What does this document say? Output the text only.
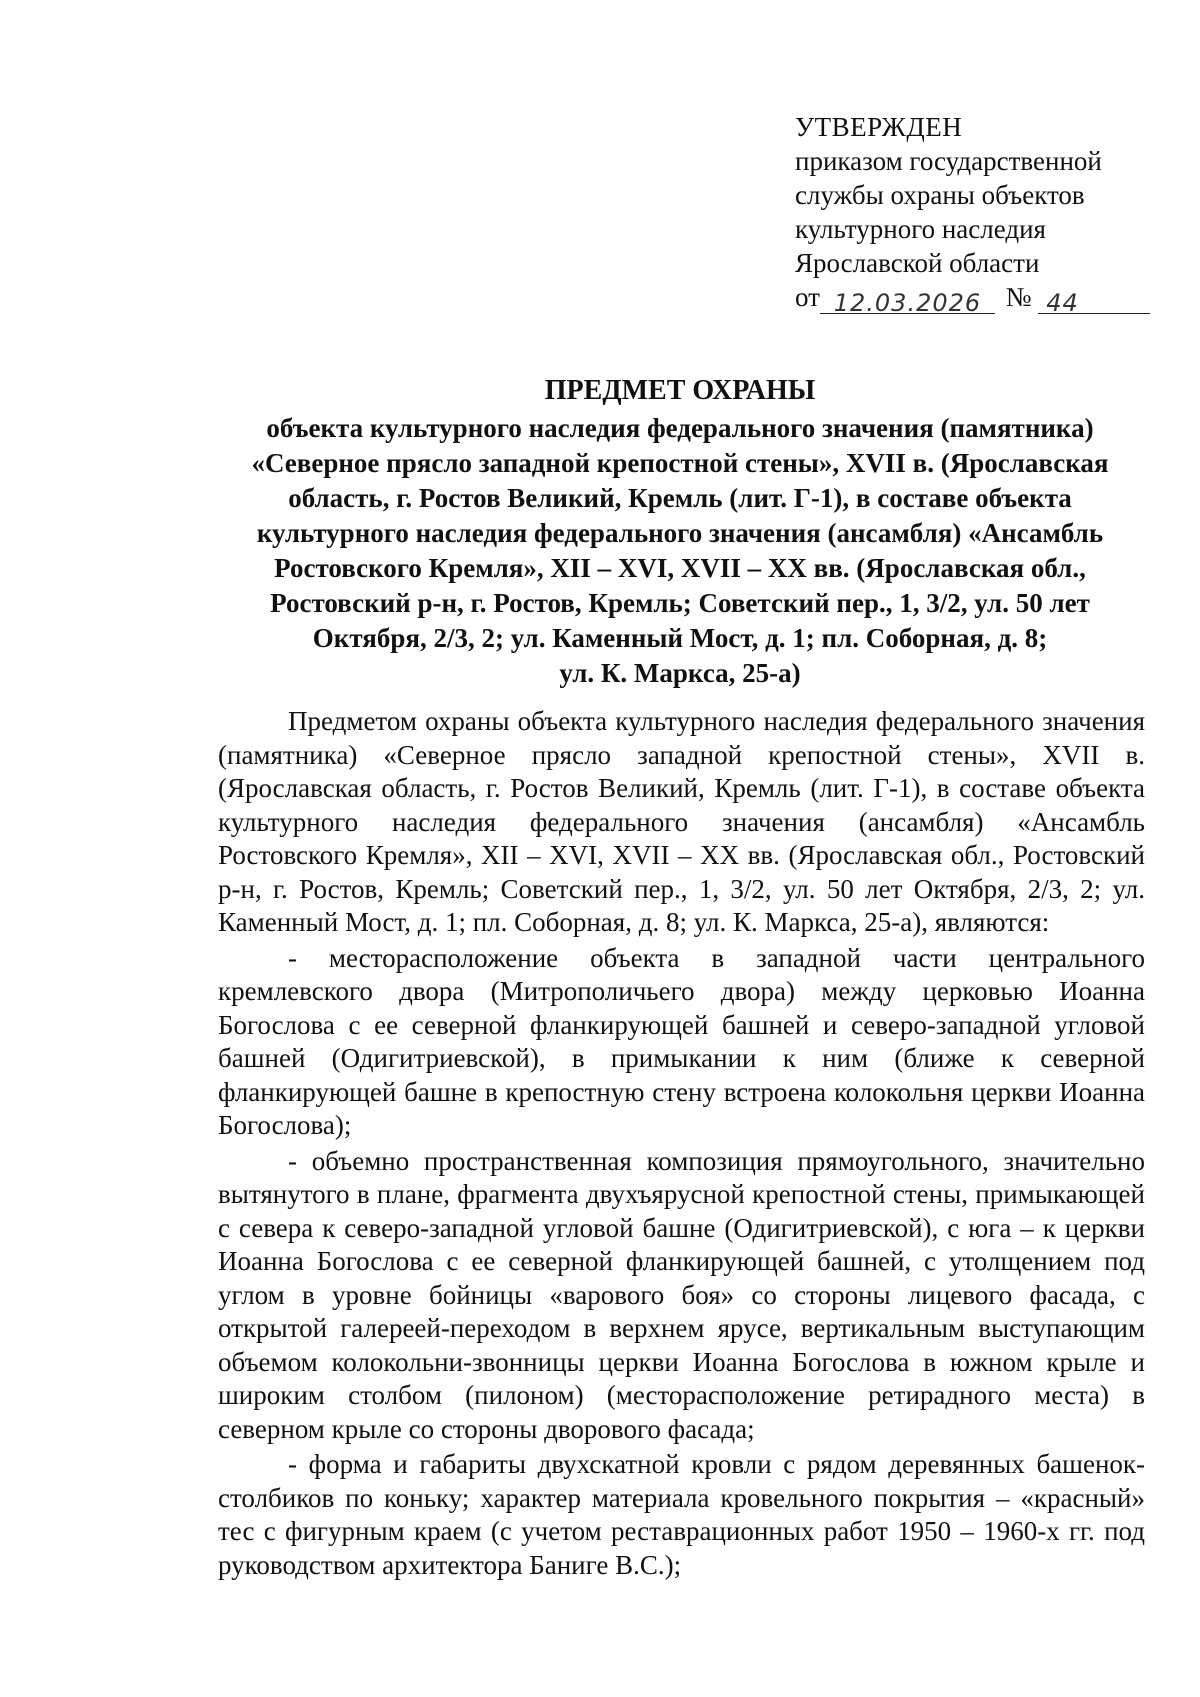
УТВЕРЖДЕН
приказом государственной
службы охраны объектов
культурного наследия
Ярославской области
от 12.03.2026 № 44
ПРЕДМЕТ ОХРАНЫ
объекта культурного наследия федерального значения (памятника)
«Северное прясло западной крепостной стены», XVII в. (Ярославская
область, г. Ростов Великий, Кремль (лит. Г-1), в составе объекта
культурного наследия федерального значения (ансамбля) «Ансамбль
Ростовского Кремля», XII – XVI, XVII – XX вв. (Ярославская обл.,
Ростовский р-н, г. Ростов, Кремль; Советский пер., 1, 3/2, ул. 50 лет
Октября, 2/3, 2; ул. Каменный Мост, д. 1; пл. Соборная, д. 8;
ул. К. Маркса, 25-а)

Предметом охраны объекта культурного наследия федерального значения (памятника) «Северное прясло западной крепостной стены», XVII в. (Ярославская область, г. Ростов Великий, Кремль (лит. Г-1), в составе объекта культурного наследия федерального значения (ансамбля) «Ансамбль Ростовского Кремля», XII – XVI, XVII – XX вв. (Ярославская обл., Ростовский р-н, г. Ростов, Кремль; Советский пер., 1, 3/2, ул. 50 лет Октября, 2/3, 2; ул. Каменный Мост, д. 1; пл. Соборная, д. 8; ул. К. Маркса, 25-а), являются:

- месторасположение объекта в западной части центрального кремлевского двора (Митрополичьего двора) между церковью Иоанна Богослова с ее северной фланкирующей башней и северо-западной угловой башней (Одигитриевской), в примыкании к ним (ближе к северной фланкирующей башне в крепостную стену встроена колокольня церкви Иоанна Богослова);

- объемно пространственная композиция прямоугольного, значительно вытянутого в плане, фрагмента двухъярусной крепостной стены, примыкающей с севера к северо-западной угловой башне (Одигитриевской), с юга – к церкви Иоанна Богослова с ее северной фланкирующей башней, с утолщением под углом в уровне бойницы «варового боя» со стороны лицевого фасада, с открытой галереей-переходом в верхнем ярусе, вертикальным выступающим объемом колокольни-звонницы церкви Иоанна Богослова в южном крыле и широким столбом (пилоном) (месторасположение ретирадного места) в северном крыле со стороны дворового фасада;

- форма и габариты двухскатной кровли с рядом деревянных башенок-столбиков по коньку; характер материала кровельного покрытия – «красный» тес с фигурным краем (с учетом реставрационных работ 1950 – 1960-х гг. под руководством архитектора Баниге В.С.);
